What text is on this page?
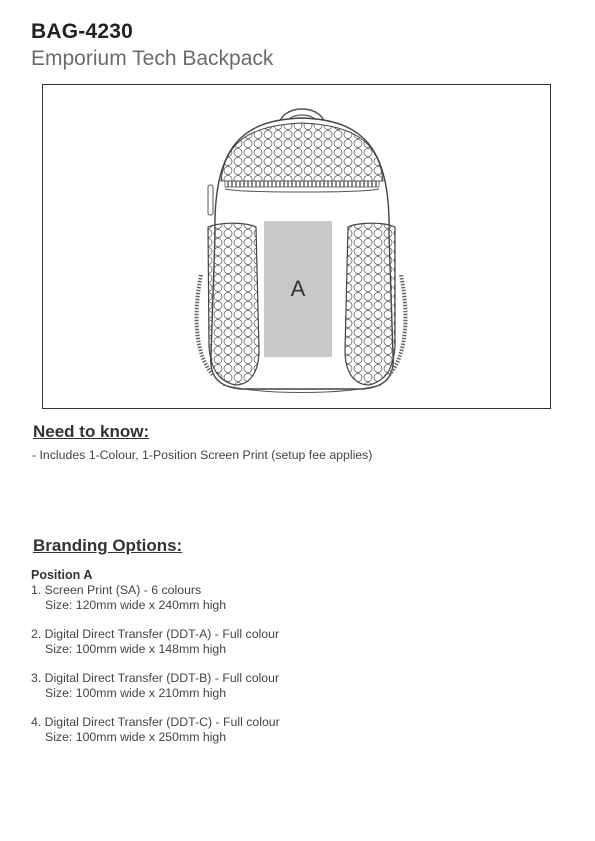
BAG-4230
Emporium Tech Backpack
A
Need to know:
- Includes 1-Colour, 1-Position Screen Print (setup fee applies)
Branding Options:
Position A
1. Screen Print (SA) - 6 colours
Size: 120mm wide x 240mm high
2. Digital Direct Transfer (DDT-A) - Full colour
Size: 100mm wide x 148mm high
3. Digital Direct Transfer (DDT-B) - Full colour
Size: 100mm wide x 210mm high
4. Digital Direct Transfer (DDT-C) - Full colour
Size: 100mm wide x 250mm high
